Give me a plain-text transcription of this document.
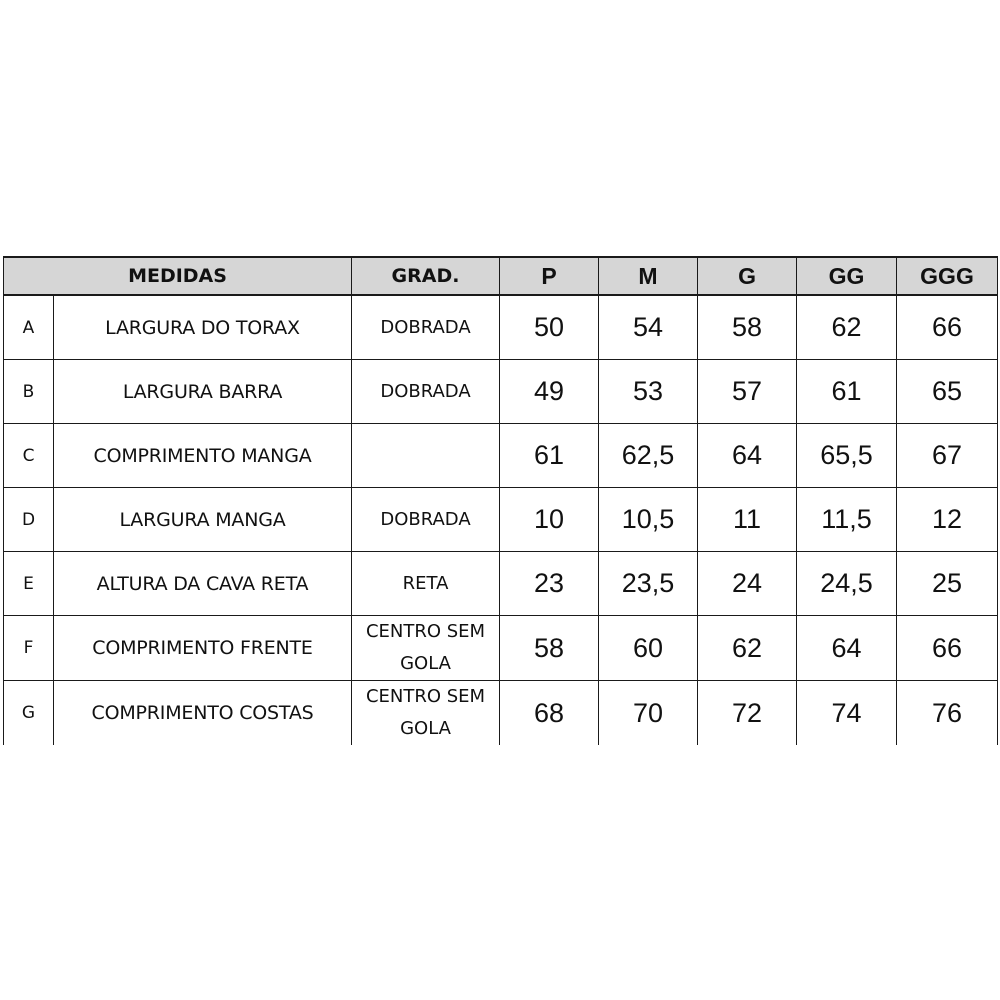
MEDIDAS		GRAD.	P	M	G	GG	GGG
A	LARGURA DO TORAX	DOBRADA	50	54	58	62	66
B	LARGURA BARRA	DOBRADA	49	53	57	61	65
C	COMPRIMENTO MANGA		61	62,5	64	65,5	67
D	LARGURA MANGA	DOBRADA	10	10,5	11	11,5	12
E	ALTURA DA CAVA RETA	RETA	23	23,5	24	24,5	25
F	COMPRIMENTO FRENTE	CENTRO SEM GOLA	58	60	62	64	66
G	COMPRIMENTO COSTAS	CENTRO SEM GOLA	68	70	72	74	76
